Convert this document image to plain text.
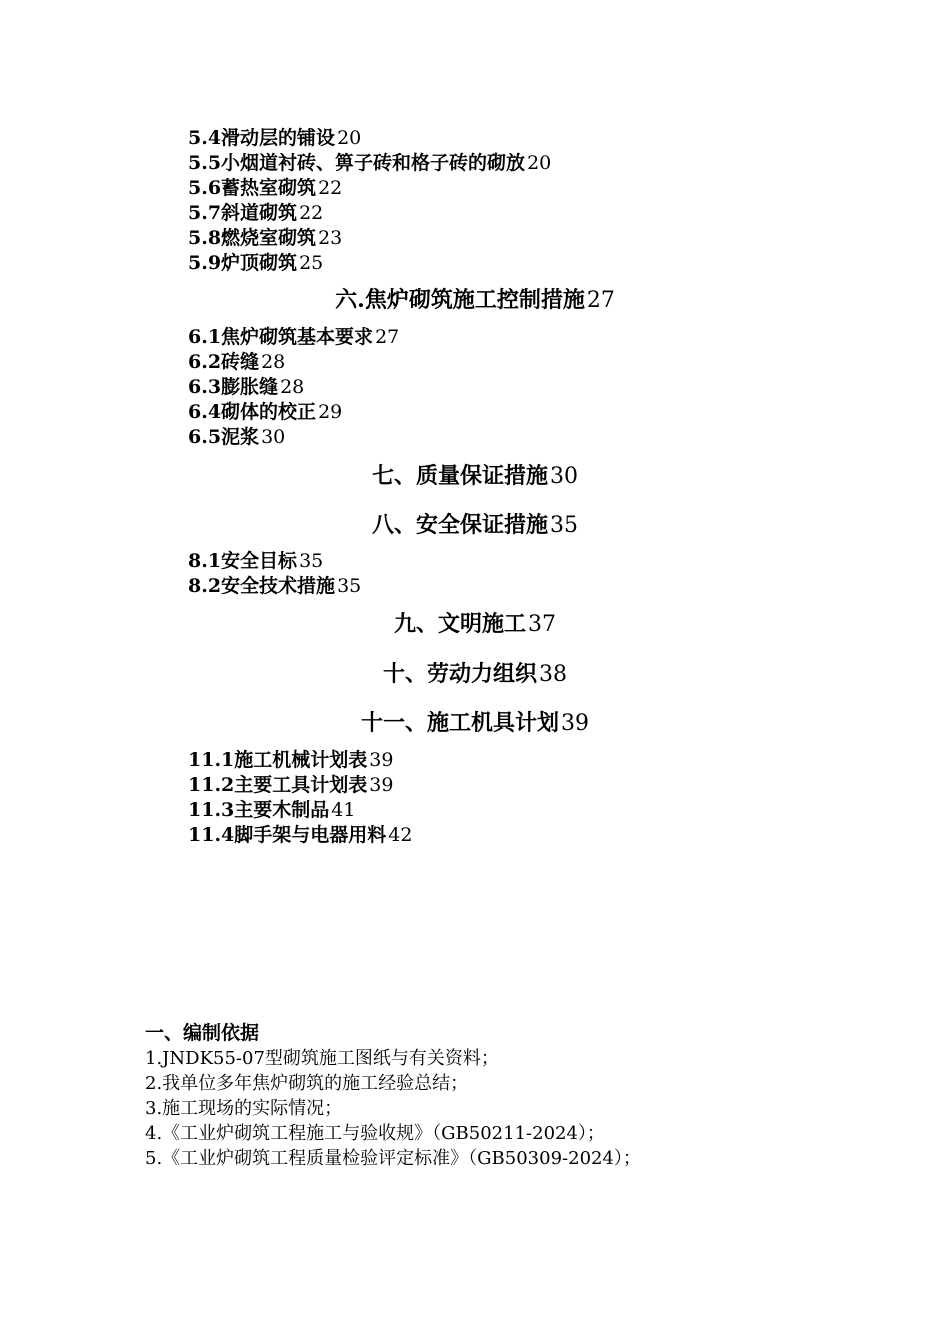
5.4滑动层的铺设 20
5.5小烟道衬砖、箅子砖和格子砖的砌放 20
5.6蓄热室砌筑 22
5.7斜道砌筑 22
5.8燃烧室砌筑 23
5.9炉顶砌筑 25
六.焦炉砌筑施工控制措施27
6.1焦炉砌筑基本要求 27
6.2砖缝 28
6.3膨胀缝 28
6.4砌体的校正 29
6.5泥浆 30
七、质量保证措施30
八、安全保证措施35
8.1安全目标 35
8.2安全技术措施 35
九、文明施工37
十、劳动力组织38
十一、施工机具计划39
11.1施工机械计划表 39
11.2主要工具计划表 39
11.3主要木制品 41
11.4脚手架与电器用料 42
一、编制依据
1.JNDK55-07型砌筑施工图纸与有关资料；
2.我单位多年焦炉砌筑的施工经验总结；
3.施工现场的实际情况；
4.《工业炉砌筑工程施工与验收规》（GB50211-2024）；
5.《工业炉砌筑工程质量检验评定标准》（GB50309-2024）；
